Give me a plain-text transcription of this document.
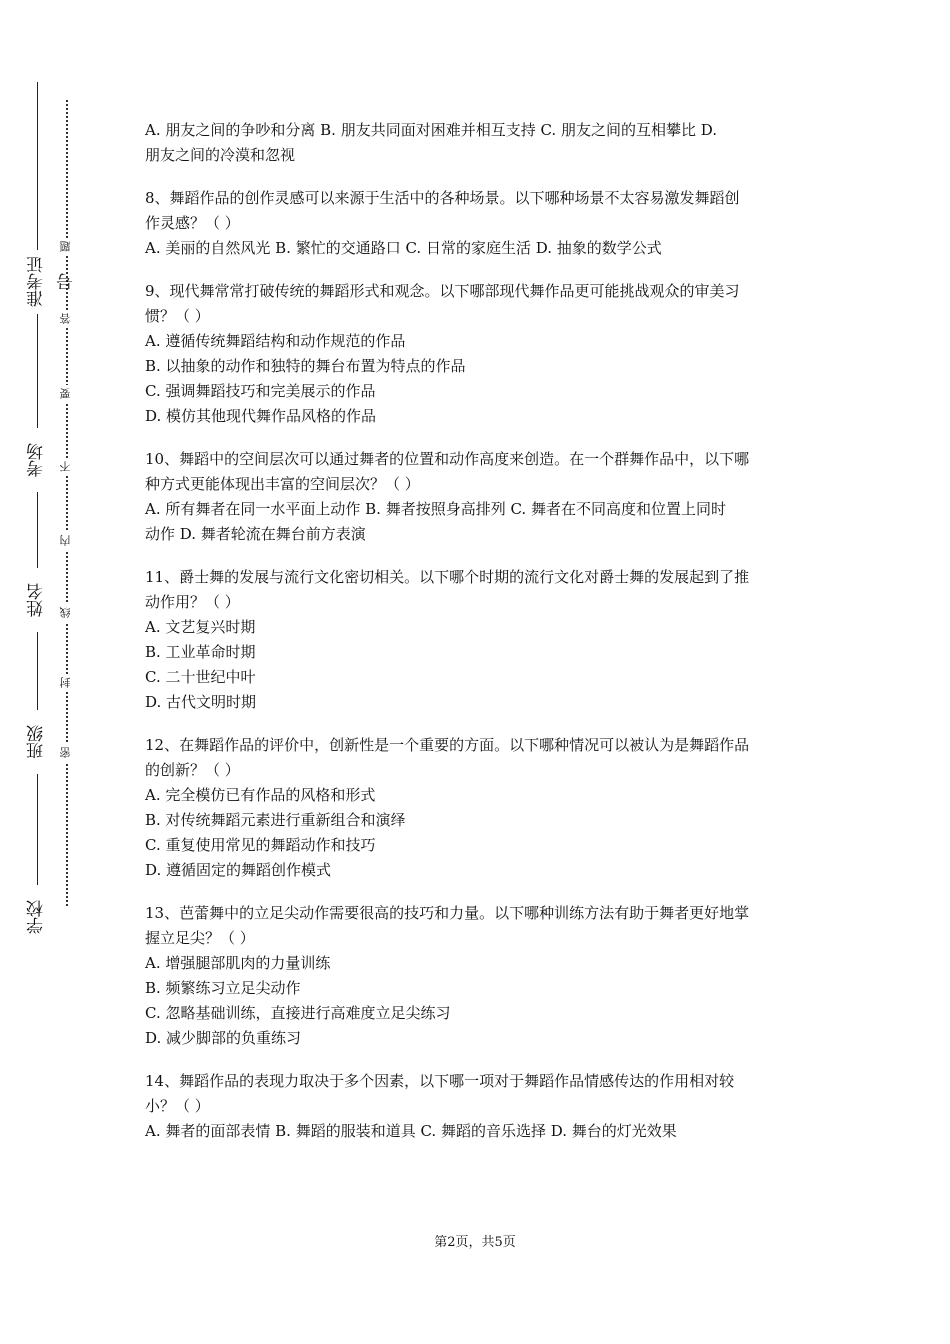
准考证号
考场
姓名
班级
学校
题
答
要
不
内
线
封
密
A. 朋友之间的争吵和分离 B. 朋友共同面对困难并相互支持 C. 朋友之间的互相攀比 D.
朋友之间的冷漠和忽视
8、舞蹈作品的创作灵感可以来源于生活中的各种场景。以下哪种场景不太容易激发舞蹈创
作灵感？（ ）
A. 美丽的自然风光 B. 繁忙的交通路口 C. 日常的家庭生活 D. 抽象的数学公式
9、现代舞常常打破传统的舞蹈形式和观念。以下哪部现代舞作品更可能挑战观众的审美习
惯？（ ）
A. 遵循传统舞蹈结构和动作规范的作品
B. 以抽象的动作和独特的舞台布置为特点的作品
C. 强调舞蹈技巧和完美展示的作品
D. 模仿其他现代舞作品风格的作品
10、舞蹈中的空间层次可以通过舞者的位置和动作高度来创造。在一个群舞作品中，以下哪
种方式更能体现出丰富的空间层次？（ ）
A. 所有舞者在同一水平面上动作 B. 舞者按照身高排列 C. 舞者在不同高度和位置上同时
动作 D. 舞者轮流在舞台前方表演
11、爵士舞的发展与流行文化密切相关。以下哪个时期的流行文化对爵士舞的发展起到了推
动作用？（ ）
A. 文艺复兴时期
B. 工业革命时期
C. 二十世纪中叶
D. 古代文明时期
12、在舞蹈作品的评价中，创新性是一个重要的方面。以下哪种情况可以被认为是舞蹈作品
的创新？（ ）
A. 完全模仿已有作品的风格和形式
B. 对传统舞蹈元素进行重新组合和演绎
C. 重复使用常见的舞蹈动作和技巧
D. 遵循固定的舞蹈创作模式
13、芭蕾舞中的立足尖动作需要很高的技巧和力量。以下哪种训练方法有助于舞者更好地掌
握立足尖？（ ）
A. 增强腿部肌肉的力量训练
B. 频繁练习立足尖动作
C. 忽略基础训练，直接进行高难度立足尖练习
D. 减少脚部的负重练习
14、舞蹈作品的表现力取决于多个因素，以下哪一项对于舞蹈作品情感传达的作用相对较
小？（ ）
A. 舞者的面部表情 B. 舞蹈的服装和道具 C. 舞蹈的音乐选择 D. 舞台的灯光效果
第2页，共5页
